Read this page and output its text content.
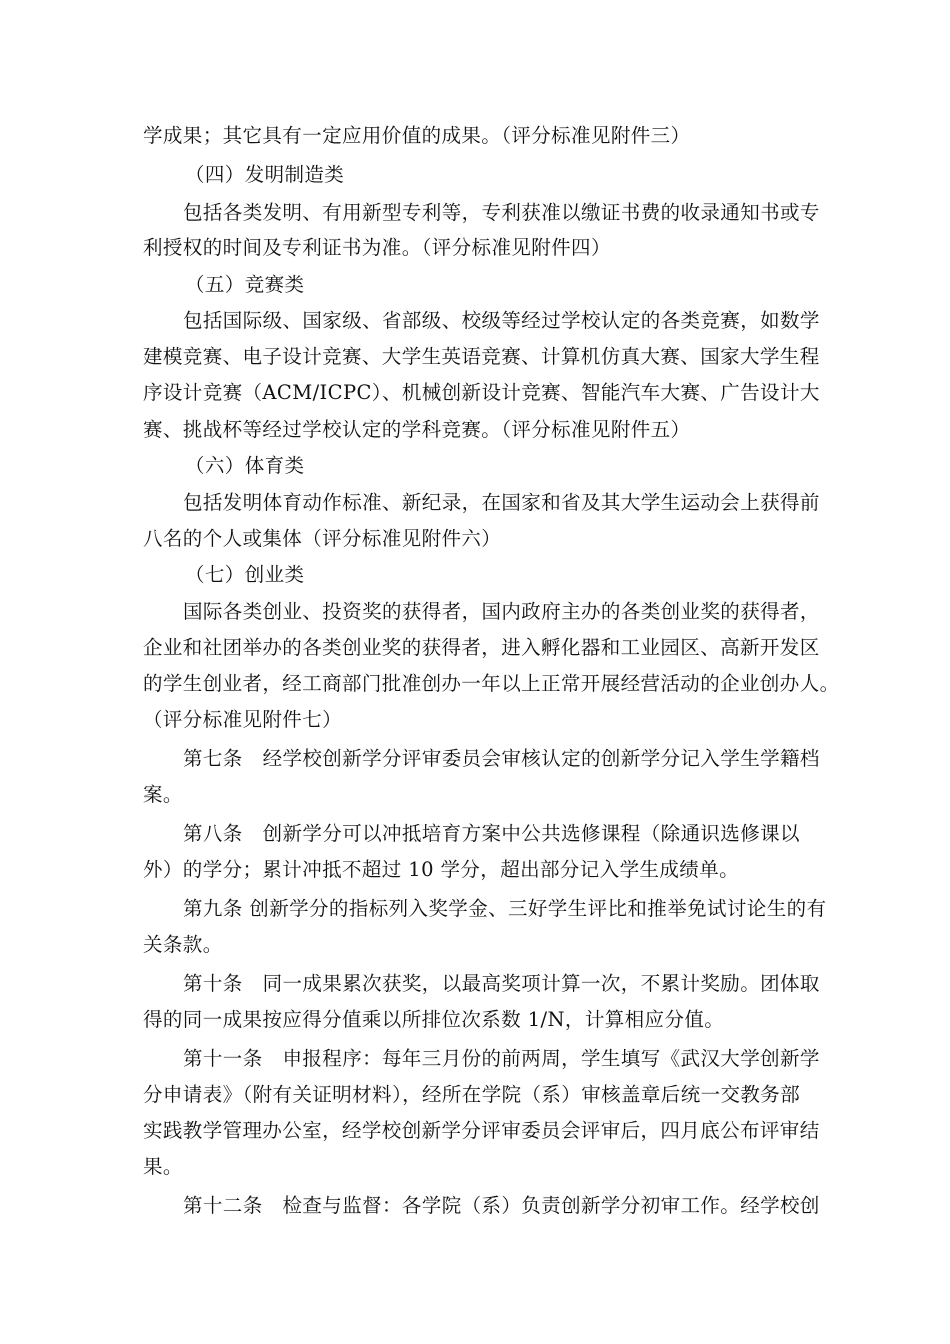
学成果；其它具有一定应用价值的成果。（评分标准见附件三）
（四）发明制造类
包括各类发明、有用新型专利等，专利获准以缴证书费的收录通知书或专
利授权的时间及专利证书为准。（评分标准见附件四）
（五）竞赛类
包括国际级、国家级、省部级、校级等经过学校认定的各类竞赛，如数学
建模竞赛、电子设计竞赛、大学生英语竞赛、计算机仿真大赛、国家大学生程
序设计竞赛（ACM/ICPC）、机械创新设计竞赛、智能汽车大赛、广告设计大
赛、挑战杯等经过学校认定的学科竞赛。（评分标准见附件五）
（六）体育类
包括发明体育动作标准、新纪录，在国家和省及其大学生运动会上获得前
八名的个人或集体（评分标准见附件六）
（七）创业类
国际各类创业、投资奖的获得者，国内政府主办的各类创业奖的获得者，
企业和社团举办的各类创业奖的获得者，进入孵化器和工业园区、高新开发区
的学生创业者，经工商部门批准创办一年以上正常开展经营活动的企业创办人。
（评分标准见附件七）
第七条　经学校创新学分评审委员会审核认定的创新学分记入学生学籍档
案。
第八条　创新学分可以冲抵培育方案中公共选修课程（除通识选修课以
外）的学分；累计冲抵不超过 10 学分，超出部分记入学生成绩单。
第九条 创新学分的指标列入奖学金、三好学生评比和推举免试讨论生的有
关条款。
第十条　同一成果累次获奖，以最高奖项计算一次，不累计奖励。团体取
得的同一成果按应得分值乘以所排位次系数 1/N，计算相应分值。
第十一条　申报程序：每年三月份的前两周，学生填写《武汉大学创新学
分申请表》（附有关证明材料），经所在学院（系）审核盖章后统一交教务部
实践教学管理办公室，经学校创新学分评审委员会评审后，四月底公布评审结
果。
第十二条　检查与监督：各学院（系）负责创新学分初审工作。经学校创
